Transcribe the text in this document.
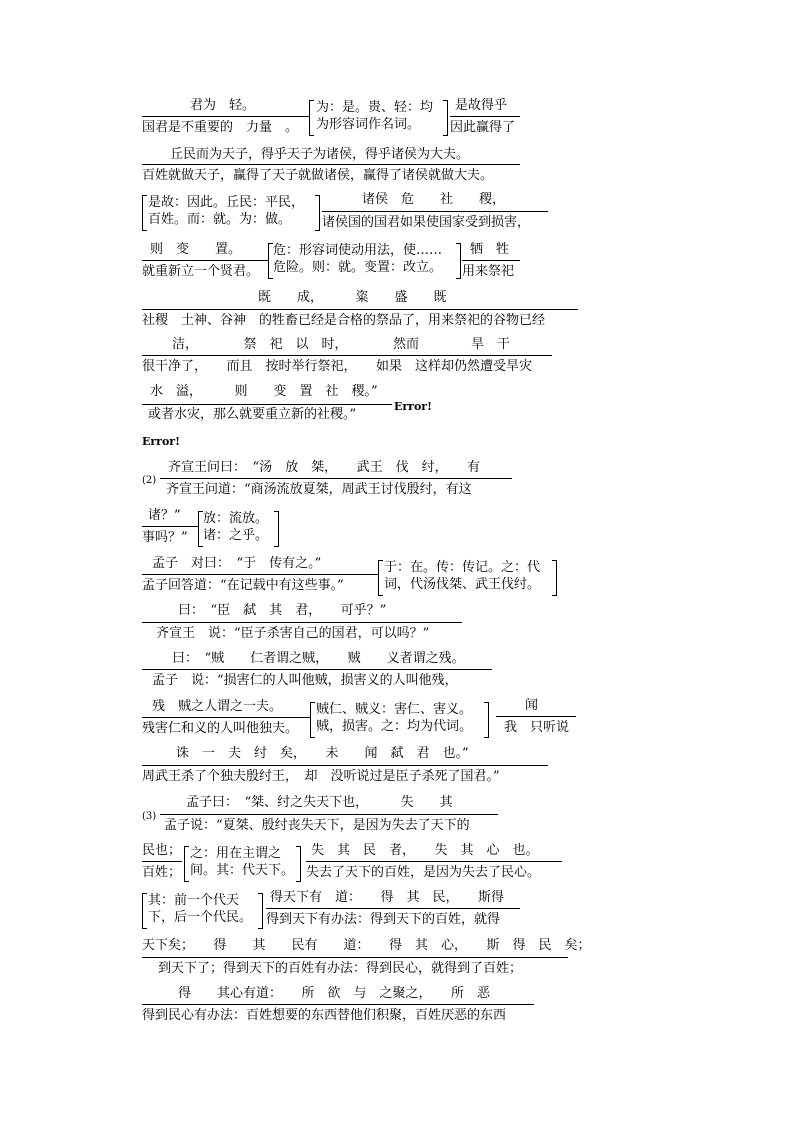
君为　轻。
国君是不重要的　力量　。
为：是。贵、轻：均
为形容词作名词。
是故得乎
因此赢得了
丘民而为天子，得乎天子为诸侯，得乎诸侯为大夫。
百姓就做天子，赢得了天子就做诸侯，赢得了诸侯就做大夫。
是故：因此。丘民：平民，
百姓。而：就。为：做。
诸侯　危　　社　　稷，
诸侯国的国君如果使国家受到损害，
则　变　　置。
就重新立一个贤君。
危：形容词使动用法，使……
危险。则：就。变置：改立。
牺　牲
用来祭祀
既　　成，　　　粢　　盛　　既
社稷　土神、谷神　的牲畜已经是合格的祭品了，用来祭祀的谷物已经
洁，　　　　祭　祀　以　时，　　　　然而　　　　旱　干
很干净了，　　而且　按时举行祭祀，　　如果　这样却仍然遭受旱灾
水　溢，　　　则　　变　置　社　稷。”
或者水灾，那么就要重立新的社稷。”
Error!
Error!
(2)
齐宣王问曰：　“汤　放　桀，　　武王　伐　纣，　　有
齐宣王问道：“商汤流放夏桀，周武王讨伐殷纣，有这
诸？”
事吗？”
放：流放。
诸：之乎。
孟子　对曰：　“于　传有之。”
孟子回答道：“在记载中有这些事。”
于：在。传：传记。之：代
词，代汤伐桀、武王伐纣。
曰：　“臣　弑　其　君，　　可乎？”
齐宣王　说：“臣子杀害自己的国君，可以吗？”
曰：　“贼　　仁者谓之贼，　　贼　　义者谓之残。
孟子　说：“损害仁的人叫他贼，损害义的人叫他残，
残　贼之人谓之一夫。
残害仁和义的人叫他独夫。
贼仁、贼义：害仁、害义。
贼，损害。之：均为代词。
闻
我　只听说
诛　一　夫　纣　矣，　　未　　闻　弑　君　也。”
周武王杀了个独夫殷纣王，　却　没听说过是臣子杀死了国君。”
(3)
孟子曰：　“桀、纣之失天下也，　　　失　　其
孟子说：“夏桀、殷纣丧失天下，是因为失去了天下的
民也；
百姓；
之：用在主谓之
间。其：代天下。
失　其　民　者，　　失　其　心　也。
失去了天下的百姓，是因为失去了民心。
其：前一个代天
下，后一个代民。
得天下有　道：　　得　其　民，　　斯得
得到天下有办法：得到天下的百姓，就得
天下矣；　　得　　其　　民有　　道：　　得　其　心，　　斯　得　民　矣；
到天下了；得到天下的百姓有办法：得到民心，就得到了百姓；
得　　其心有道：　　所　欲　与　之聚之，　　所　恶
得到民心有办法：百姓想要的东西替他们积聚，百姓厌恶的东西
